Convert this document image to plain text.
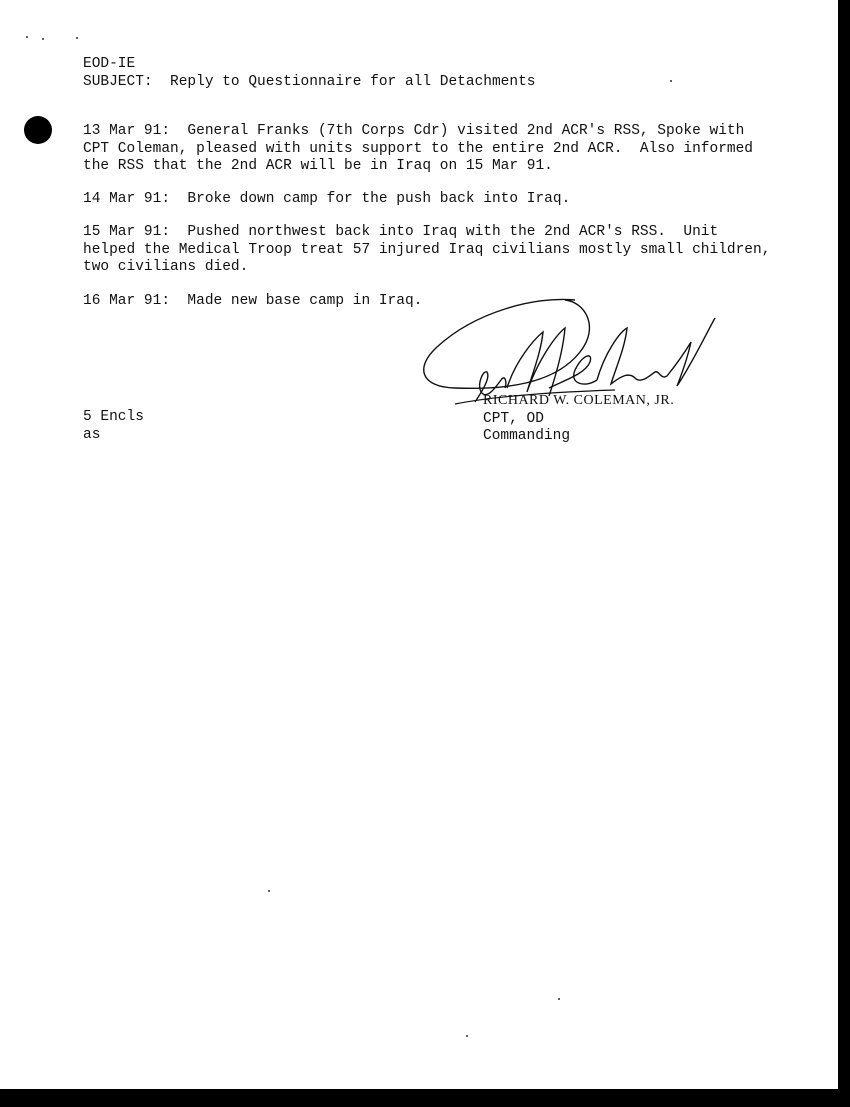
EOD-IE
SUBJECT:  Reply to Questionnaire for all Detachments
13 Mar 91:  General Franks (7th Corps Cdr) visited 2nd ACR's RSS, Spoke with
CPT Coleman, pleased with units support to the entire 2nd ACR.  Also informed
the RSS that the 2nd ACR will be in Iraq on 15 Mar 91.
14 Mar 91:  Broke down camp for the push back into Iraq.
15 Mar 91:  Pushed northwest back into Iraq with the 2nd ACR's RSS.  Unit
helped the Medical Troop treat 57 injured Iraq civilians mostly small children,
two civilians died.
16 Mar 91:  Made new base camp in Iraq.
RICHARD W. COLEMAN, JR.
CPT, OD
Commanding
5 Encls
as
